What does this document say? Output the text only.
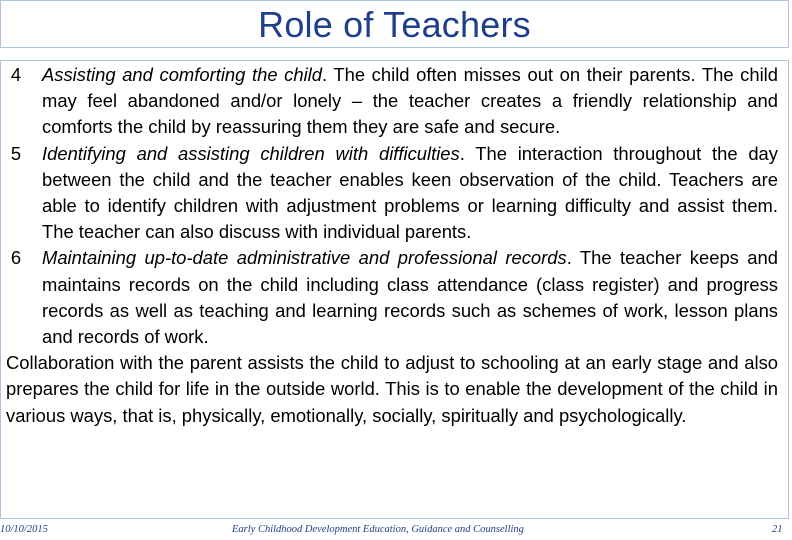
Role of Teachers
4 Assisting and comforting the child. The child often misses out on their parents. The child may feel abandoned and/or lonely – the teacher creates a friendly relationship and comforts the child by reassuring them they are safe and secure.
5 Identifying and assisting children with difficulties. The interaction throughout the day between the child and the teacher enables keen observation of the child. Teachers are able to identify children with adjustment problems or learning difficulty and assist them. The teacher can also discuss with individual parents.
6 Maintaining up-to-date administrative and professional records. The teacher keeps and maintains records on the child including class attendance (class register) and progress records as well as teaching and learning records such as schemes of work, lesson plans and records of work.
Collaboration with the parent assists the child to adjust to schooling at an early stage and also prepares the child for life in the outside world. This is to enable the development of the child in various ways, that is, physically, emotionally, socially, spiritually and psychologically.
10/10/2015	Early Childhood Development Education, Guidance and Counselling	21
